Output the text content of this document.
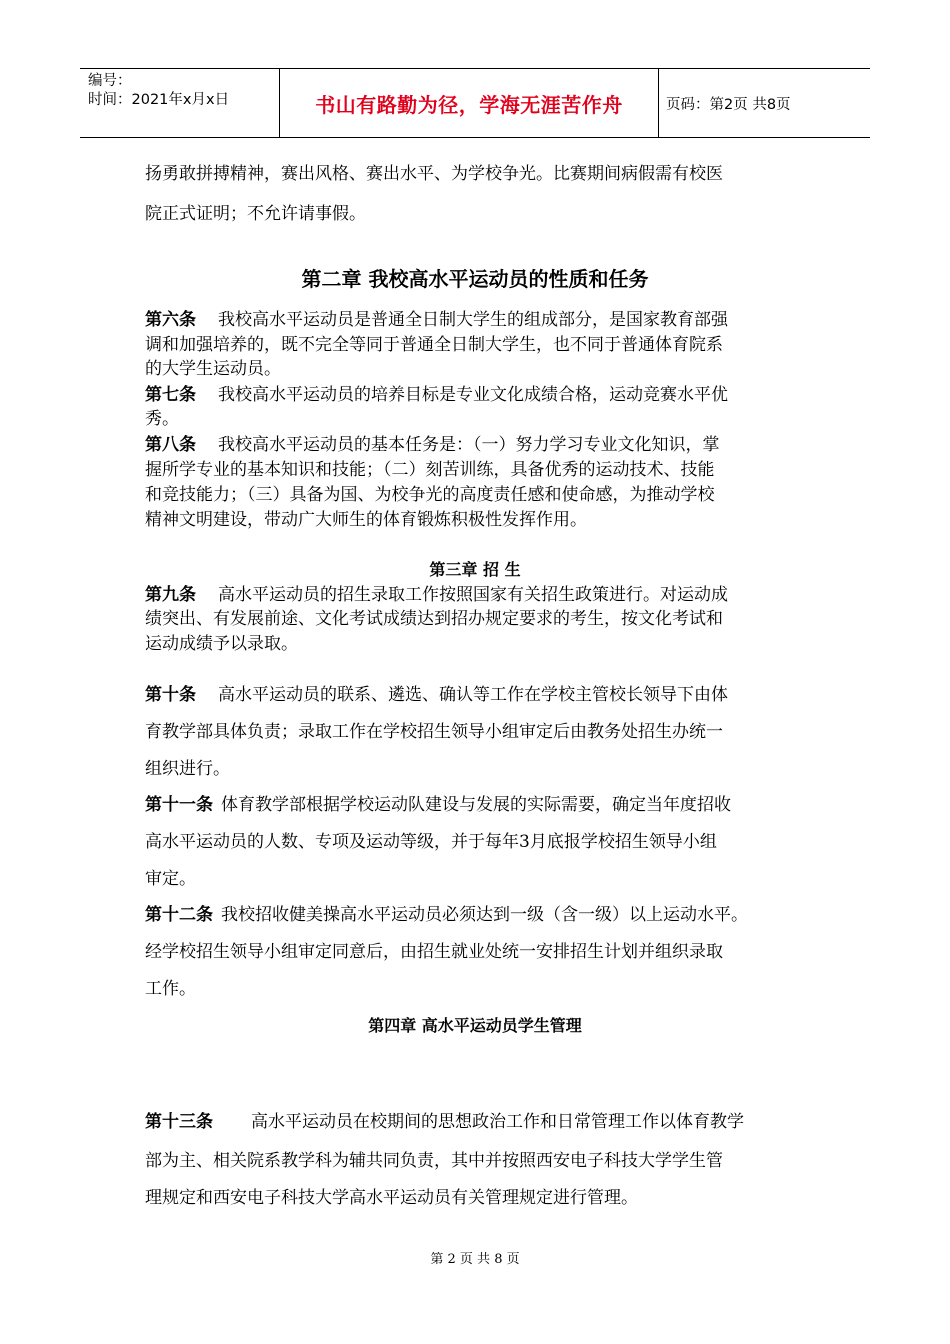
编号：
时间：2021年x月x日	书山有路勤为径，学海无涯苦作舟	页码：第2页 共8页
扬勇敢拼搏精神，赛出风格、赛出水平、为学校争光。比赛期间病假需有校医
院正式证明；不允许请事假。
第二章 我校高水平运动员的性质和任务
第六条 我校高水平运动员是普通全日制大学生的组成部分，是国家教育部强
调和加强培养的，既不完全等同于普通全日制大学生，也不同于普通体育院系
的大学生运动员。
第七条 我校高水平运动员的培养目标是专业文化成绩合格，运动竞赛水平优
秀。
第八条 我校高水平运动员的基本任务是：（一）努力学习专业文化知识，掌
握所学专业的基本知识和技能；（二）刻苦训练，具备优秀的运动技术、技能
和竞技能力；（三）具备为国、为校争光的高度责任感和使命感，为推动学校
精神文明建设，带动广大师生的体育锻炼积极性发挥作用。
第三章 招 生
第九条 高水平运动员的招生录取工作按照国家有关招生政策进行。对运动成
绩突出、有发展前途、文化考试成绩达到招办规定要求的考生，按文化考试和
运动成绩予以录取。
第十条 高水平运动员的联系、遴选、确认等工作在学校主管校长领导下由体
育教学部具体负责；录取工作在学校招生领导小组审定后由教务处招生办统一
组织进行。
第十一条 体育教学部根据学校运动队建设与发展的实际需要，确定当年度招收
高水平运动员的人数、专项及运动等级，并于每年3月底报学校招生领导小组
审定。
第十二条 我校招收健美操高水平运动员必须达到一级（含一级）以上运动水平。
经学校招生领导小组审定同意后，由招生就业处统一安排招生计划并组织录取
工作。
第四章 高水平运动员学生管理
第十三条 高水平运动员在校期间的思想政治工作和日常管理工作以体育教学
部为主、相关院系教学科为辅共同负责，其中并按照西安电子科技大学学生管
理规定和西安电子科技大学高水平运动员有关管理规定进行管理。
第 2 页 共 8 页
